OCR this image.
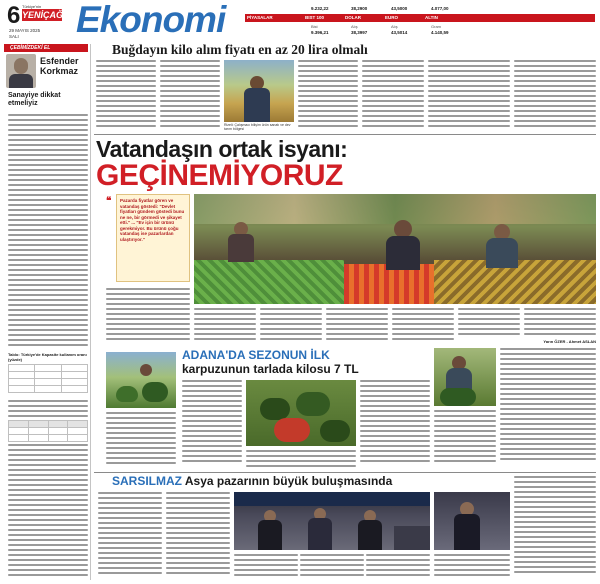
6 Türkiye'nin
YENİÇAĞ
29 MAYIS 2025
SALI Ekonomi	PİYASALAR	BIST 100	DOLAR	EURO	ALTIN
9.232,22	38,2900	43,5000	4.077,00
Bist	Alış	Alış	Gram
9.396,21	38,3997	43,5014	4.140,59
ÇEBİMİZDEKİ EL
Esfender Korkmaz
Sanayiye dikkat etmeliyiz
Tablo: Türkiye'de Kapasite kullanım oranı (yüzde)

Buğdayın kilo alım fiyatı en az 20 lira olmalı
Rizeli: Çalışmacı bilişim ürün sanatı ve dev tarım bölgesi
Vatandaşın ortak isyanı:
GEÇİNEMİYORUZ
Pazarda fiyatlar gören ve vatandaş göstedi: "Devlet fiyatları gündem göstedi bunu ne ne, bir görmedi ve şikayet etti." ... "Ev için bir ürünü gerekmiyor. Bu ürünü çoğu vatandaş ise pazarlardan ulaştırıyor."
❝
Yarın ÖZER - Ahmet ASLAN
ADANA'DA SEZONUN İLK
karpuzunun tarlada kilosu 7 TL
SARSILMAZ Asya pazarının büyük buluşmasında
